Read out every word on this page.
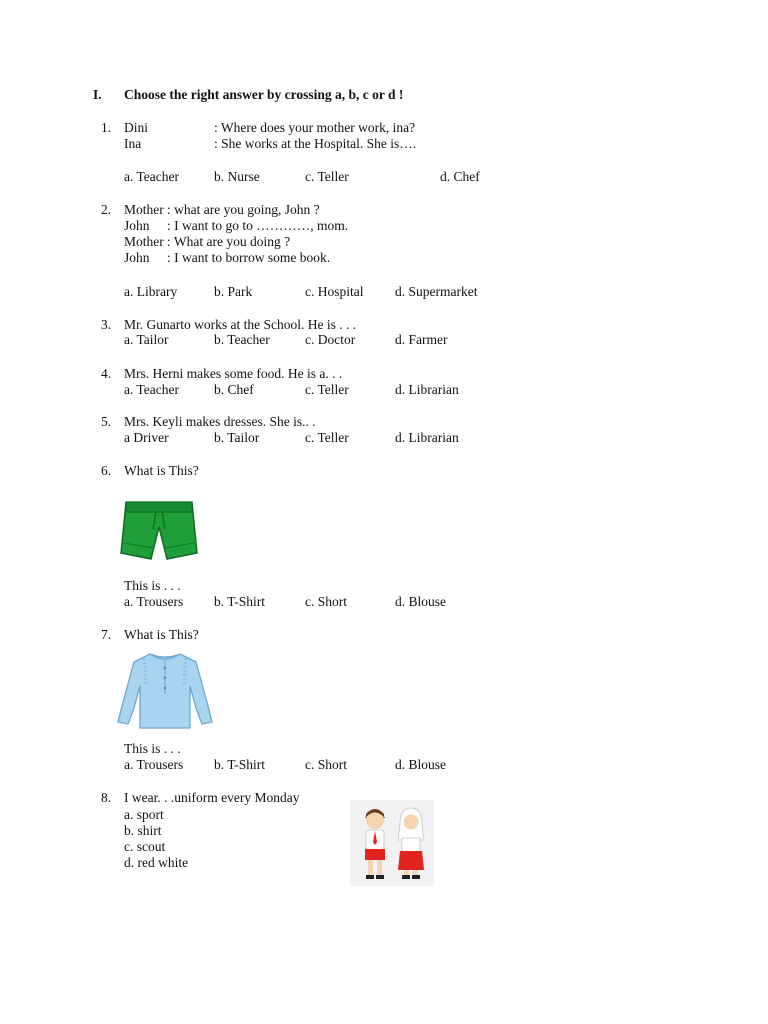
I. Choose the right answer by crossing a, b, c or d !
1. Dini	: Where does your mother work, ina?
Ina	: She works at the Hospital. She is….
a. Teacher	b. Nurse	c. Teller	d. Chef
2. Mother : what are you going, John ?
John : I want to go to …………, mom.
Mother : What are you doing ?
John : I want to borrow some book.
a. Library	b. Park	c. Hospital d. Supermarket
3. Mr. Gunarto works at the School. He is . . .
a. Tailor	b. Teacher	c. Doctor	d. Farmer
4. Mrs. Herni makes some food. He is a. . .
a. Teacher	b. Chef	c. Teller	d. Librarian
5. Mrs. Keyli makes dresses. She is.. .
a Driver	b. Tailor	c. Teller	d. Librarian
6. What is This?
This is . . .
a. Trousers b. T-Shirt	c. Short	d. Blouse
7. What is This?
This is . . .
a. Trousers b. T-Shirt	c. Short	d. Blouse
8. I wear. . .uniform every Monday
a. sport
b. shirt
c. scout
d. red white
